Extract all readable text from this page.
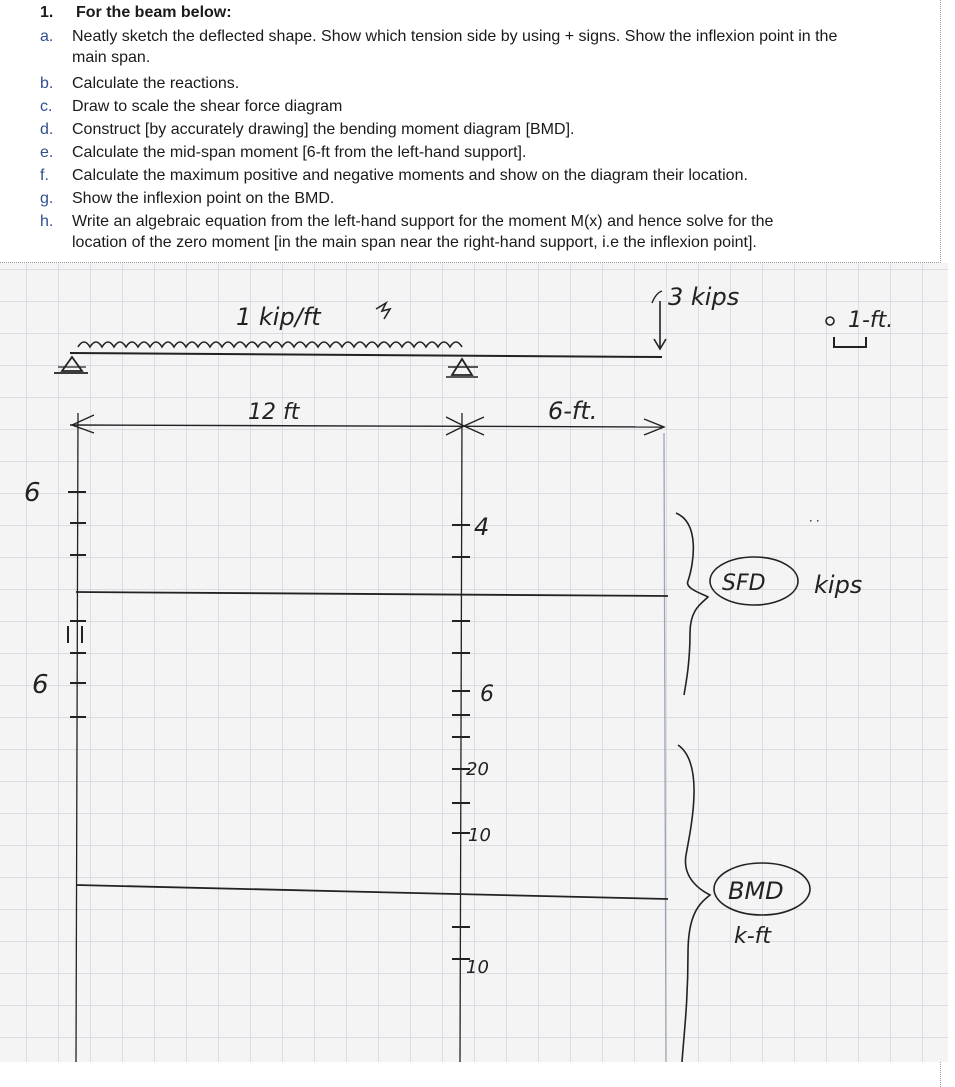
1. For the beam below:
a.	Neatly sketch the deflected shape. Show which tension side by using + signs. Show the inflexion point in the
main span.
b.	Calculate the reactions.
c.	Draw to scale the shear force diagram
d.	Construct [by accurately drawing] the bending moment diagram [BMD].
e.	Calculate the mid-span moment [6-ft from the left-hand support].
f.	Calculate the maximum positive and negative moments and show on the diagram their location.
g.	Show the inflexion point on the BMD.
h.	Write an algebraic equation from the left-hand support for the moment M(x) and hence solve for the
location of the zero moment [in the main span near the right-hand support, i.e the inflexion point].
1 kip/ft
3 kips
1-ft.
12 ft	6-ft.
6
6
4
6
20
10
10
SFD kips
˙˙
BMD
k-ft
